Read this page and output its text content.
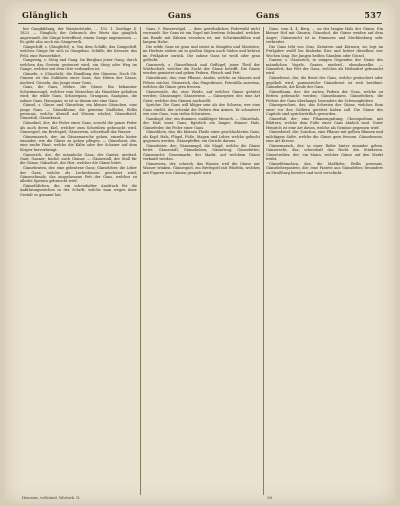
Glänglich	Gans	Gans	537

ber Gangbildung, der Wassiertstalie, ... 193. 1. Zustlage 4. 1823. — Gänglich; der Gebrauch des Werts das gänglich angewandt, die Gänge betreffend, einem Gange angemessen. — Es giebt also auch ein Gängewerk.

Gängschiff, s. (Gänglicht); n. Von dem Schiffe, das Gangschiff, welches Gänge für sich in Gängebau. Schiffe; die Kreuzer, das Feld, eine Wasserfahrt.

Gangsteig, s. Steig und Gang. Im Bergbau jener Gang, durch welchen das Gestein gesteuert wird; ein Steig oder Weg im Gange, welcher mit dem Orte verbunden ist.

Gänseln, v. (Gänslich), die Handlung des Gänsens. Nach Ob. Gänsen ist das Zuführen einer Gans, das Hüten der Gänse; niederd. Gösseln, das Junge einer Gans.

Gans, die Gans, Mehrz. die Gänse. Ein bekannter Schwimmvogel, welcher vom Menschen als Hausthier gehalten wird; die wilde Gans, Schneegans, Graugans, Saatgans, die zahme Gans, Hausgans; er ist so dumm wie eine Gans.

Gänsel, s. Gänse und Gänselein; ein kleines Gänschen, eine junge Gans. — Gänseblume, die gemeine Maßliebe, Bellis perennis, welche überall auf Wiesen wächst; Gänsedistel, Gänsefuß, Gänsekraut.

Gänsekiel, der; die Feder einer Gans, sowohl die ganze Feder als auch deren Kiel, welcher zum Schreiben gebraucht wird. Gänsespiel, ein Brettspiel; Gänsewein, scherzhaft das Wasser.

Gänsemarsch, der; im Gänsemarsche gehen, einzeln hinter einander, wie die Gänse zu gehen pflegen. — Gänsehaut, die, eine rauhe Haut, welche die Kälte oder der Schauer auf dem Körper hervorbringt.

Gänserich, der; die männliche Gans, der Ganter, niederd. Gant, Ganner; hochd. auch Gänser. — Gänsestall, der Stall für die Gänse; Gänsehirt, der Hirt, welcher die Gänse hütet.

Gänsebraten, der, eine gebratene Gans; Gänseleber, die Leber der Gans, welche als Leckerbissen geschätzt wird; Gänseschmalz, das ausgelassene Fett der Gans, welches zu allerlei Speisen gebraucht wird.

Gänsefüßchen, die, ein scherzhafter Ausdruck für die Anführungszeichen in der Schrift, welche man wegen ihrer Gestalt so genannt hat.

Gans, f. Wasservögel, ... dem gewöhnlichen Federwild nicht verwandt. Die Gans ist ein Vogel mit breitem Schnabel, welcher am Rande mit Zähnen versehen ist, mit Schwimmfüßen und langem Halse.

Die wilde Gans ist grau und nistet in Sümpfen und Morästen; im Herbste ziehen sie in großen Zügen nach Süden und kehren im Frühjahre zurück. Die zahme Gans ist weiß oder grau gefleckt.

Ganswerk, s. Gänsefleisch und Geflügel; jener Theil der Wirthschaft, welcher die Zucht der Gänse betrifft. Die Gänse werden gemästet und geben Federn, Fleisch und Fett.

Gänsekraut, das; eine Pflanze, Arabis, welche an Mauern und Felsen wächst. Gänserich, das Fingerkraut, Potentilla anserina, welches die Gänse gern fressen.

Gänseweide, die, eine Weide, auf welcher Gänse gehütet werden; Gänseanger, Gänsewiese. — Gänsegeier, der, eine Art Geier, welcher den Gänsen nachstellt.

Sprichw. Die Gans will klüger sein als der Schwan; wer eine Gans stiehlt, der schenkt die Federn den Armen. Er schnattert wie eine Gans, vom vielen Schwatzen.

Ganskopf, der; ein dummer, einfältiger Mensch. — Gänsehals, der Hals einer Gans; figürlich ein langer, dünner Hals. Gänsefeder, die Feder einer Gans.

Gänseklein, das; die kleinen Theile einer geschlachteten Gans, als Kopf, Hals, Flügel, Füße, Magen und Leber, welche gekocht gegessen werden. Gänsepfeffer, ein Gericht daraus.

Gänsehüter, der; Gänsemagd, die Magd, welche die Gänse hütet. Gänsestall; Gänsekoben; Gänsetrog; Gänsefutter; Gänsezucht; Gänsemarkt, der Markt, auf welchem Gänse verkauft werden.

Gänsewein, der, scherzh. das Wasser, weil die Gänse nur Wasser trinken. Gänsespiel, ein Brettspiel mit Würfeln, welches mit Figuren von Gänsen gespielt wird.

Gans, vom 4. 4. Berg. ... an der langen Hals der Gänse, Ein kleiner Hof mit Gänsen; Gänsehof; die Gänse weiden auf dem Anger; Gänsezucht ist in Pommern und Mecklenburg sehr verbreitet.

Die Gans lebt von Gras, Kräutern und Körnern; sie legt im Frühjahre zwölf bis fünfzehn Eier und brütet dieselben vier Wochen lang. Die Jungen heißen Gänslein oder Gössel.

Ganser, s. Gänserich; in einigen Gegenden der Name des männlichen Vogels. Ganter, niederd., ebendasselbe. — Gänsefett, das Fett der Gans, welches als Heilmittel gebraucht wird.

Gänsebrust, die; die Brust der Gans, welche geräuchert oder gepökelt wird; pommersche Gänsebrust ist weit berühmt. Gänsekeule, die Keule der Gans.

Gänseflaum, der; die zarten Federn der Gans, welche zu Betten gebraucht werden; Gänsedaunen. Gänsefedern, die Federn der Gans überhaupt, besonders die Schwungfedern.

Gänsegeschrei, das; das Schreien der Gänse, welches Rom einst vor den Galliern gerettet haben soll. Die Gänse des Capitols sind sprichwörtlich geworden.

Gänsefuß, der; eine Pflanzengattung, Chenopodium, mit Blättern, welche dem Fuße einer Gans ähnlich sind. Guter Heinrich ist eine Art davon, welche als Gemüse gegessen wird.

Gänsedistel, die; Sonchus, eine Pflanze mit gelben Blumen und milchigem Safte, welche die Gänse gern fressen. Gänsekresse, eine Art Kresse.

Gänsemarsch, der; in einer Reihe hinter einander gehen. Gänserecht, das; scherzhaft das Recht des Stärkeren. Gänsetreiber, der; ein Mann, welcher Gänse auf den Markt treibt.

Gänseblümchen, das; die Maßliebe, Bellis perennis. Gänseleberpastete, die; eine Pastete aus Gänseleber, besonders zu Straßburg bereitet und weit verschickt.

Heinsius, vollständ. Wörterb. II.	68
